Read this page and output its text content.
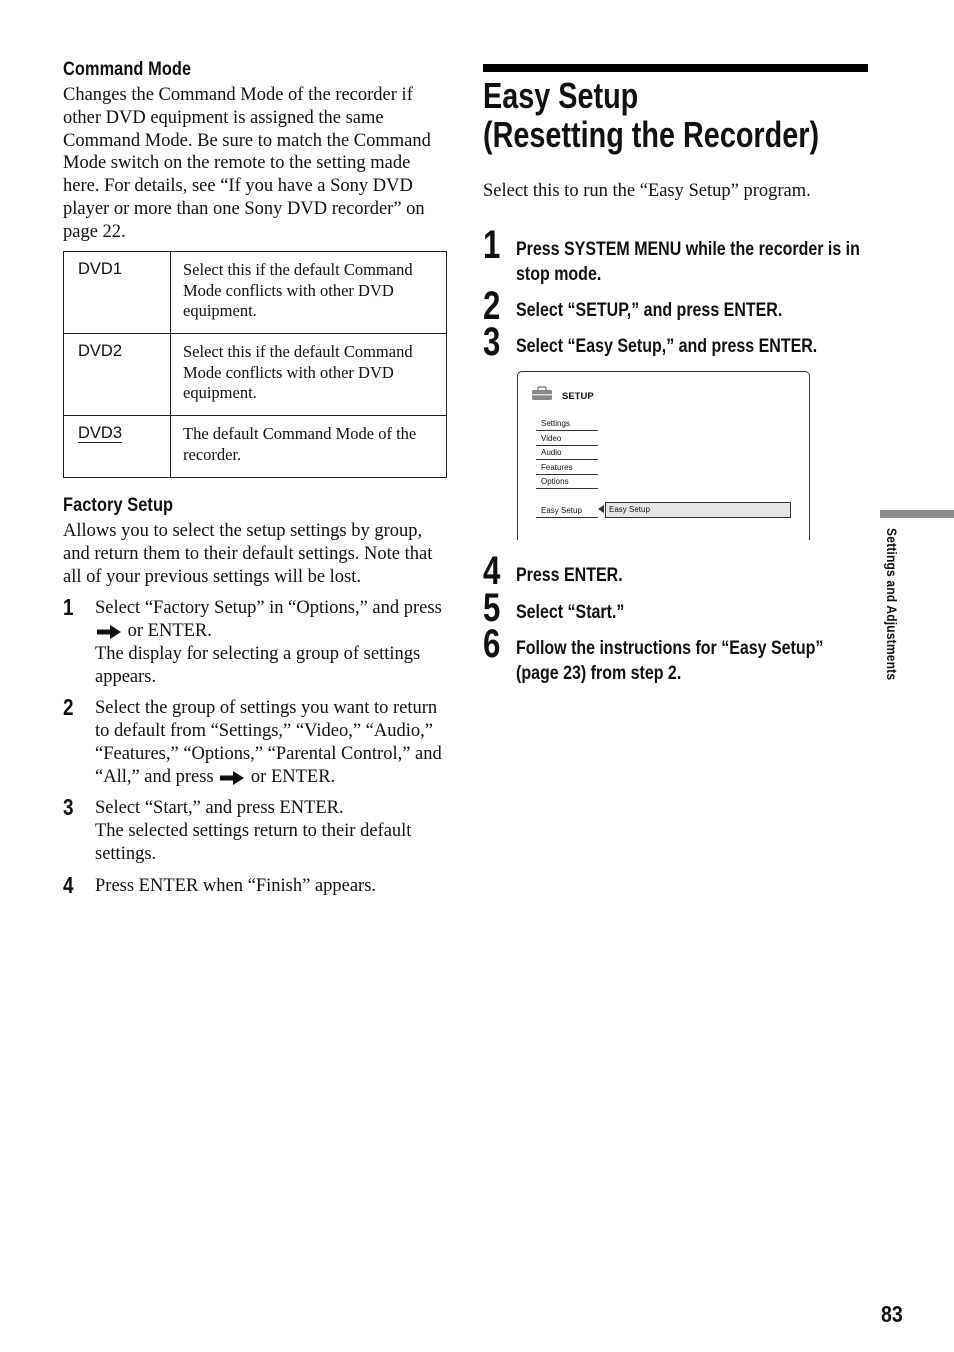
Command Mode
Changes the Command Mode of the recorder if other DVD equipment is assigned the same Command Mode. Be sure to match the Command Mode switch on the remote to the setting made here. For details, see “If you have a Sony DVD player or more than one Sony DVD recorder” on page 22.
DVD1	Select this if the default Command Mode conflicts with other DVD equipment.
DVD2	Select this if the default Command Mode conflicts with other DVD equipment.
DVD3	The default Command Mode of the recorder.
Factory Setup
Allows you to select the setup settings by group, and return them to their default settings. Note that all of your previous settings will be lost.
1 Select “Factory Setup” in “Options,” and press  or ENTER.
The display for selecting a group of settings appears.
2 Select the group of settings you want to return to default from “Settings,” “Video,” “Audio,” “Features,” “Options,” “Parental Control,” and “All,” and press or ENTER.
3 Select “Start,” and press ENTER.
The selected settings return to their default settings.
4 Press ENTER when “Finish” appears.
Easy Setup
(Resetting the Recorder)
Select this to run the “Easy Setup” program.
1 Press SYSTEM MENU while the recorder is in stop mode.
2 Select “SETUP,” and press ENTER.
3 Select “Easy Setup,” and press ENTER.
SETUP
Settings
Video
Audio
Features
Options
Easy Setup	Easy Setup
4 Press ENTER.
5 Select “Start.”
6 Follow the instructions for “Easy Setup” (page 23) from step 2.	Settings and Adjustments
83
